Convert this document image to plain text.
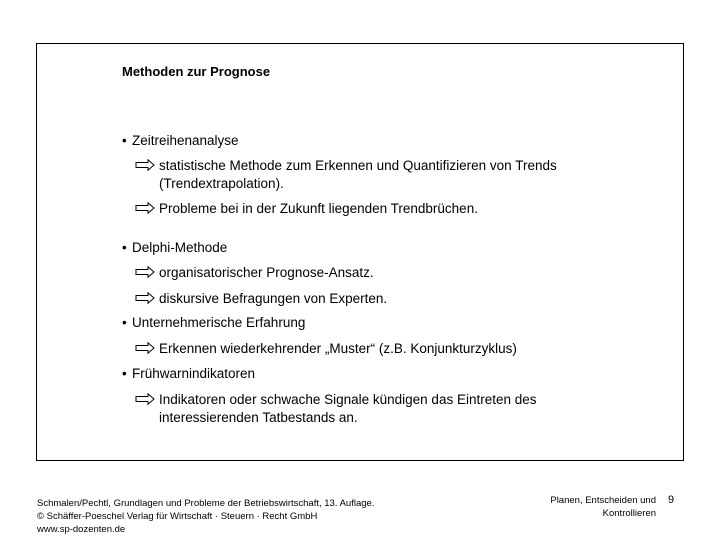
Methoden zur Prognose
• Zeitreihenanalyse
statistische Methode zum Erkennen und Quantifizieren von Trends
(Trendextrapolation).
Probleme bei in der Zukunft liegenden Trendbrüchen.
• Delphi-Methode
organisatorischer Prognose-Ansatz.
diskursive Befragungen von Experten.
• Unternehmerische Erfahrung
Erkennen wiederkehrender „Muster“ (z.B. Konjunkturzyklus)
• Frühwarnindikatoren
Indikatoren oder schwache Signale kündigen das Eintreten des
interessierenden Tatbestands an.
Schmalen/Pechtl, Grundlagen und Probleme der Betriebswirtschaft, 13. Auflage.
© Schäffer-Poeschel Verlag für Wirtschaft · Steuern · Recht GmbH
www.sp-dozenten.de
Planen, Entscheiden und
Kontrollieren
9
